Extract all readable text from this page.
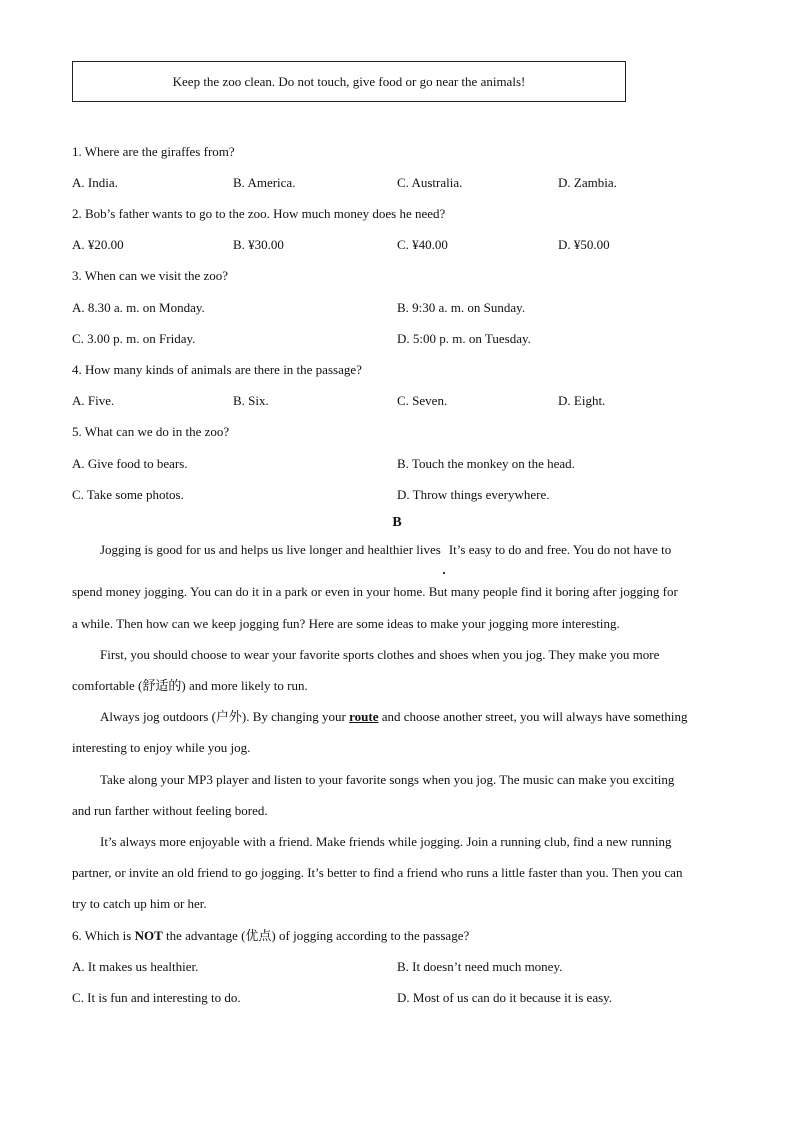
Keep the zoo clean. Do not touch, give food or go near the animals!
1. Where are the giraffes from?
A. India.	B. America.	C. Australia.	D. Zambia.
2. Bob’s father wants to go to the zoo. How much money does he need?
A. ¥20.00	B. ¥30.00	C. ¥40.00	D. ¥50.00
3. When can we visit the zoo?
A. 8.30 a. m. on Monday.	B. 9:30 a. m. on Sunday.
C. 3.00 p. m. on Friday.	D. 5:00 p. m. on Tuesday.
4. How many kinds of animals are there in the passage?
A. Five.	B. Six.	C. Seven.	D. Eight.
5. What can we do in the zoo?
A. Give food to bears.	B. Touch the monkey on the head.
C. Take some photos.	D. Throw things everywhere.
B
Jogging is good for us and helps us live longer and healthier lives It’s easy to do and free. You do not have to
spend money jogging. You can do it in a park or even in your home. But many people find it boring after jogging for
a while. Then how can we keep jogging fun? Here are some ideas to make your jogging more interesting.
First, you should choose to wear your favorite sports clothes and shoes when you jog. They make you more
comfortable (舒适的) and more likely to run.
Always jog outdoors (户外). By changing your route and choose another street, you will always have something
interesting to enjoy while you jog.
Take along your MP3 player and listen to your favorite songs when you jog. The music can make you exciting
and run farther without feeling bored.
It’s always more enjoyable with a friend. Make friends while jogging. Join a running club, find a new running
partner, or invite an old friend to go jogging. It’s better to find a friend who runs a little faster than you. Then you can
try to catch up him or her.
6. Which is NOT the advantage (优点) of jogging according to the passage?
A. It makes us healthier.	B. It doesn’t need much money.
C. It is fun and interesting to do.	D. Most of us can do it because it is easy.
